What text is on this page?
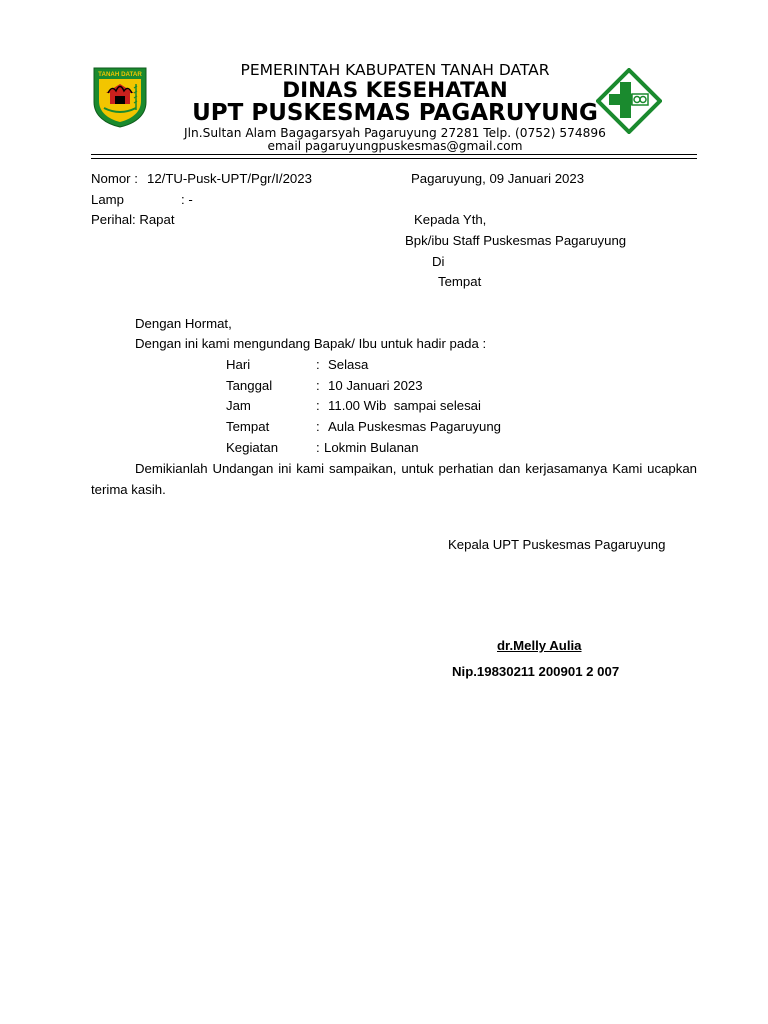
TANAH DATAR	PEMERINTAH KABUPATEN TANAH DATAR
DINAS KESEHATAN
UPT PUSKESMAS PAGARUYUNG
Jln.Sultan Alam Bagagarsyah Pagaruyung 27281 Telp. (0752) 574896
email pagaruyungpuskesmas@gmail.com
Nomor : 12/TU-Pusk-UPT/Pgr/I/2023	Pagaruyung, 09 Januari 2023
Lamp	: -
Perihal : Rapat	Kepada Yth,
Bpk/ibu Staff Puskesmas Pagaruyung
Di
Tempat
Dengan Hormat,
Dengan ini kami mengundang Bapak/ Ibu untuk hadir pada :
Hari	: Selasa
Tanggal	: 10 Januari 2023
Jam	: 11.00 Wib  sampai selesai
Tempat	: Aula Puskesmas Pagaruyung
Kegiatan	: Lokmin Bulanan
Demikianlah Undangan ini kami sampaikan, untuk perhatian dan kerjasamanya Kami ucapkan terima kasih.
Kepala UPT Puskesmas Pagaruyung
dr.Melly Aulia
Nip.19830211 200901 2 007
